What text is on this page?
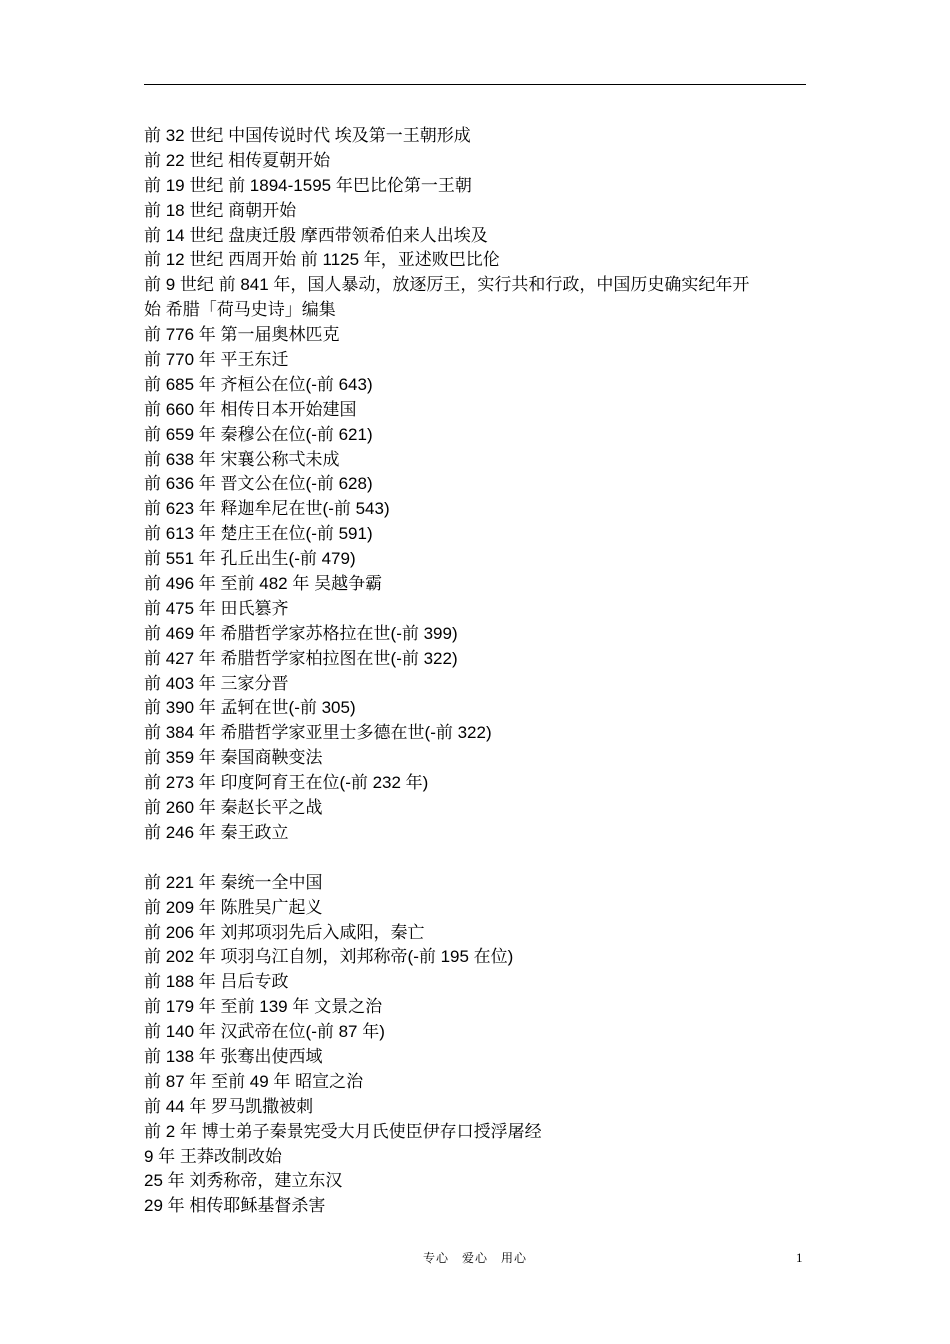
前 32 世纪 中国传说时代 埃及第一王朝形成
前 22 世纪 相传夏朝开始
前 19 世纪 前 1894-1595 年巴比伦第一王朝
前 18 世纪 商朝开始
前 14 世纪 盘庚迁殷 摩西带领希伯来人出埃及
前 12 世纪 西周开始 前 1125 年，亚述败巴比伦
前 9 世纪 前 841 年，国人暴动，放逐厉王，实行共和行政，中国历史确实纪年开
始 希腊「荷马史诗」编集
前 776 年 第一届奥林匹克
前 770 年 平王东迁
前 685 年 齐桓公在位(-前 643)
前 660 年 相传日本开始建国
前 659 年 秦穆公在位(-前 621)
前 638 年 宋襄公称弌未成
前 636 年 晋文公在位(-前 628)
前 623 年 释迦牟尼在世(-前 543)
前 613 年 楚庄王在位(-前 591)
前 551 年 孔丘出生(-前 479)
前 496 年 至前 482 年 吴越争霸
前 475 年 田氏篡齐
前 469 年 希腊哲学家苏格拉在世(-前 399)
前 427 年 希腊哲学家柏拉图在世(-前 322)
前 403 年 三家分晋
前 390 年 孟轲在世(-前 305)
前 384 年 希腊哲学家亚里士多德在世(-前 322)
前 359 年 秦国商鞅变法
前 273 年 印度阿育王在位(-前 232 年)
前 260 年 秦赵长平之战
前 246 年 秦王政立
前 221 年 秦统一全中国
前 209 年 陈胜吴广起义
前 206 年 刘邦项羽先后入咸阳，秦亡
前 202 年 项羽乌江自刎，刘邦称帝(-前 195 在位)
前 188 年 吕后专政
前 179 年 至前 139 年 文景之治
前 140 年 汉武帝在位(-前 87 年)
前 138 年 张骞出使西域
前 87 年 至前 49 年 昭宣之治
前 44 年 罗马凯撒被刺
前 2 年 博士弟子秦景宪受大月氏使臣伊存口授浮屠经
9 年 王莽改制改始
25 年 刘秀称帝，建立东汉
29 年 相传耶稣基督杀害
专心　爱心　用心	1
